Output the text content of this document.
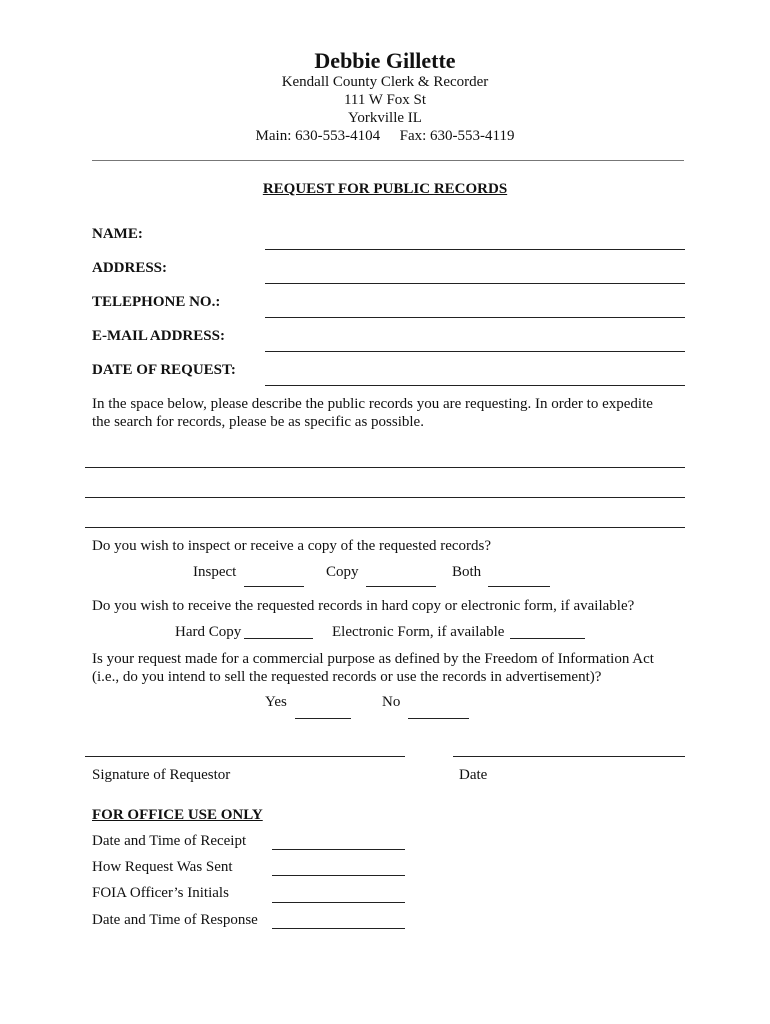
Debbie Gillette
Kendall County Clerk & Recorder
111 W Fox St
Yorkville IL
Main: 630-553-4104 Fax: 630-553-4119
REQUEST FOR PUBLIC RECORDS
NAME:
ADDRESS:
TELEPHONE NO.:
E-MAIL ADDRESS:
DATE OF REQUEST:
In the space below, please describe the public records you are requesting. In order to expedite
the search for records, please be as specific as possible.
Do you wish to inspect or receive a copy of the requested records?
Inspect	Copy	Both
Do you wish to receive the requested records in hard copy or electronic form, if available?
Hard Copy	Electronic Form, if available
Is your request made for a commercial purpose as defined by the Freedom of Information Act
(i.e., do you intend to sell the requested records or use the records in advertisement)?
Yes	No
Signature of Requestor	Date
FOR OFFICE USE ONLY
Date and Time of Receipt
How Request Was Sent
FOIA Officer’s Initials
Date and Time of Response
